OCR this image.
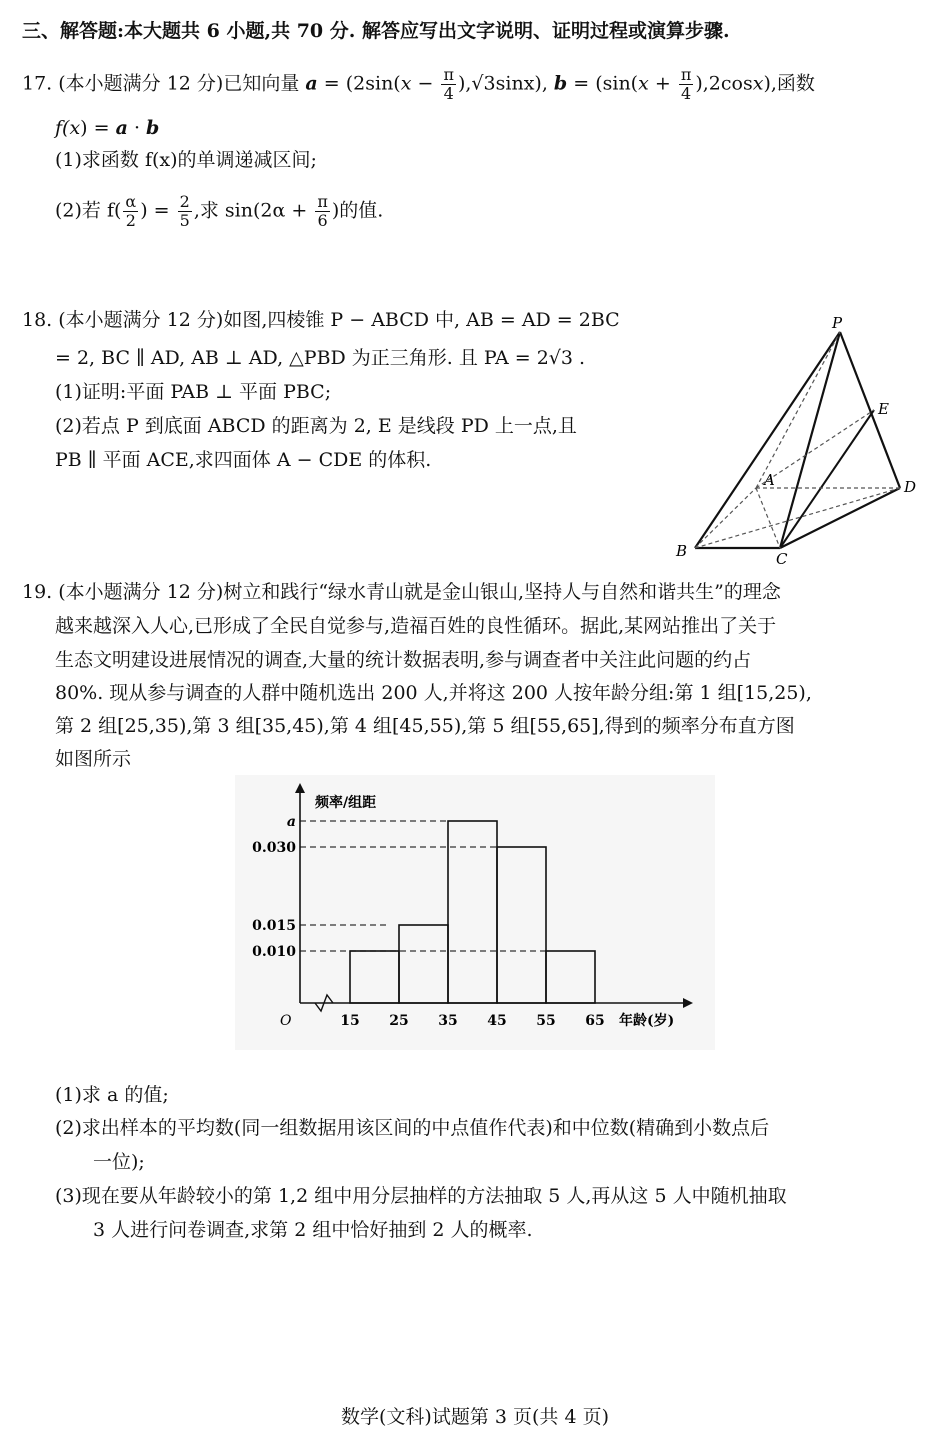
三、解答题:本大题共 6 小题,共 70 分. 解答应写出文字说明、证明过程或演算步骤.
17. (本小题满分 12 分)已知向量 $a = (2\sin(x - \frac{\pi}{4} ),√3\sin x)$, $b = (\sin(x + \frac{\pi}{4} ),2\cos x)$,函数
f(x) = a · b
(1)求函数 f(x)的单调递减区间;
(2)若 $f( \frac{\alpha}{2}$ ) = $\frac{2}{5}$ ,求 $\sin(2\alpha + \frac{\pi}{6}$ )的值.
18. (本小题满分 12 分)如图,四棱锥 P − ABCD 中, AB = AD = 2BC
= 2, BC ∥ AD, AB ⊥ AD, △PBD 为正三角形. 且 PA = 2√3 .
(1)证明:平面 PAB ⊥ 平面 PBC;
(2)若点 P 到底面 ABCD 的距离为 2, E 是线段 PD 上一点,且
PB ∥ 平面 ACE,求四面体 A − CDE 的体积.
P
E
A	D
B	C
19. (本小题满分 12 分)树立和践行“绿水青山就是金山银山,坚持人与自然和谐共生”的理念
越来越深入人心,已形成了全民自觉参与,造福百姓的良性循环。据此,某网站推出了关于
生态文明建设进展情况的调查,大量的统计数据表明,参与调查者中关注此问题的约占
80%. 现从参与调查的人群中随机选出 200 人,并将这 200 人按年龄分组:第 1 组[15,25),
第 2 组[25,35),第 3 组[35,45),第 4 组[45,55),第 5 组[55,65],得到的频率分布直方图
如图所示
频率/组距
O	年龄(岁)
15 25 35 45 55 65
a
0.030
0.015
0.010
(1)求 a 的值;
(2)求出样本的平均数(同一组数据用该区间的中点值作代表)和中位数(精确到小数点后
一位);
(3)现在要从年龄较小的第 1,2 组中用分层抽样的方法抽取 5 人,再从这 5 人中随机抽取
3 人进行问卷调查,求第 2 组中恰好抽到 2 人的概率.
数学(文科)试题第 3 页(共 4 页)
